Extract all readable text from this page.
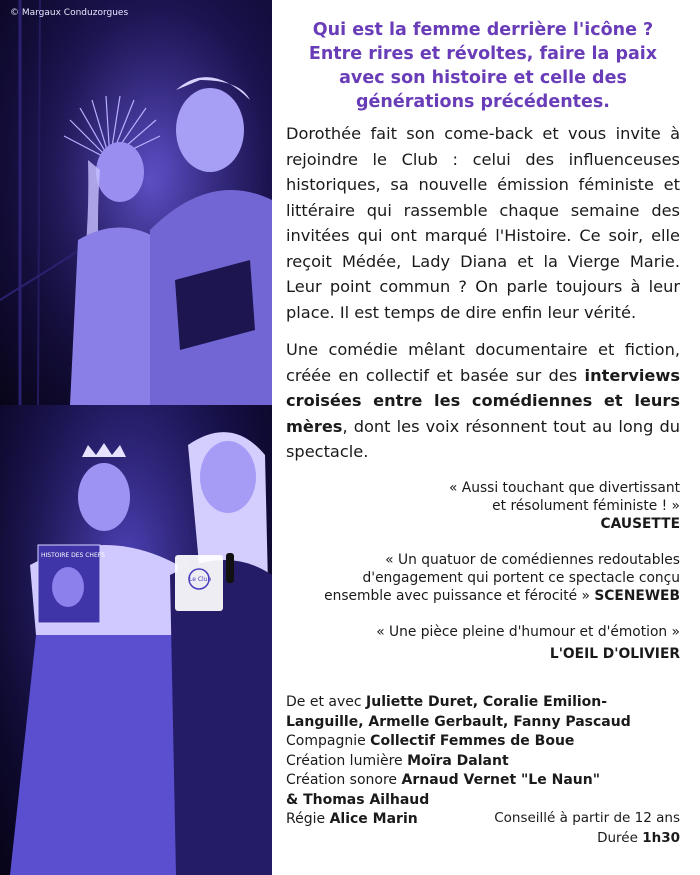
© Margaux Conduzorgues
HISTOIRE DES CHEFS
Le Club
Qui est la femme derrière l'icône ?
Entre rires et révoltes, faire la paix
avec son histoire et celle des
générations précédentes.

Dorothée fait son come-back et vous invite à rejoindre le Club : celui des influenceuses historiques, sa nouvelle émission féministe et littéraire qui rassemble chaque semaine des invitées qui ont marqué l'Histoire. Ce soir, elle reçoit Médée, Lady Diana et la Vierge Marie. Leur point commun ? On parle toujours à leur place. Il est temps de dire enfin leur vérité.

Une comédie mêlant documentaire et fiction, créée en collectif et basée sur des interviews croisées entre les comédiennes et leurs mères, dont les voix résonnent tout au long du spectacle.

« Aussi touchant que divertissant
et résolument féministe ! »
CAUSETTE
« Un quatuor de comédiennes redoutables
d'engagement qui portent ce spectacle conçu
ensemble avec puissance et férocité » SCENEWEB
« Une pièce pleine d'humour et d'émotion »
L'OEIL D'OLIVIER
De et avec Juliette Duret, Coralie Emilion-
Languille, Armelle Gerbault, Fanny Pascaud
Compagnie Collectif Femmes de Boue
Création lumière Moïra Dalant
Création sonore Arnaud Vernet "Le Naun"
& Thomas Ailhaud
Régie Alice Marin	Conseillé à partir de 12 ans
Durée 1h30
